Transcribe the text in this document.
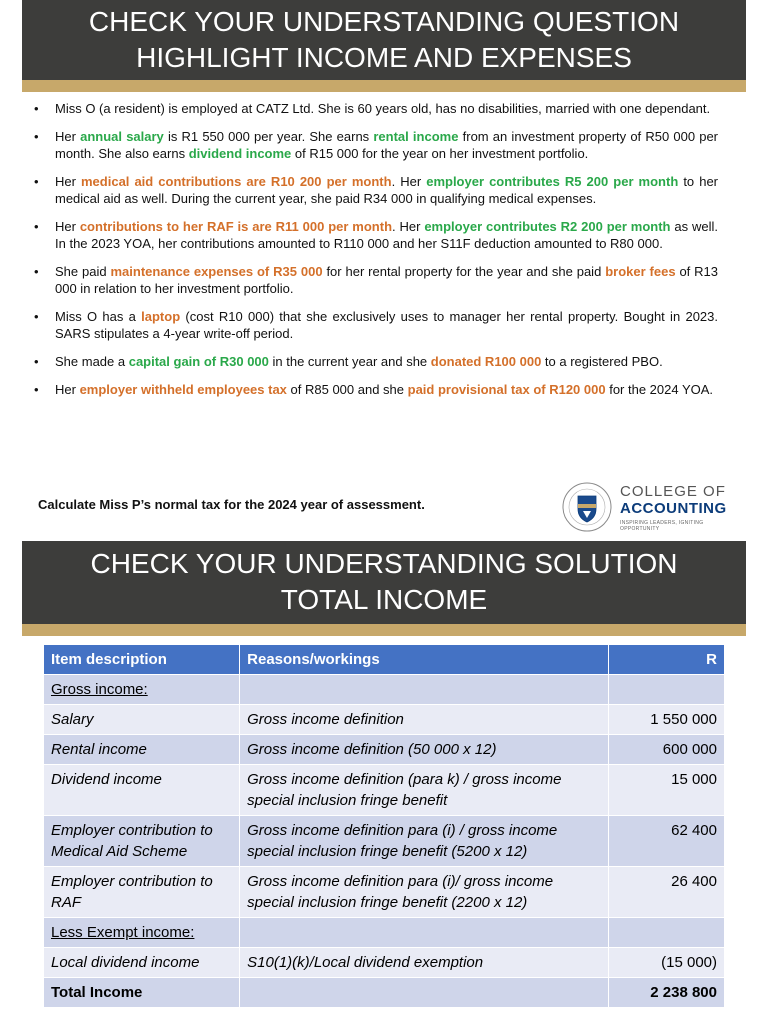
CHECK YOUR UNDERSTANDING QUESTION
HIGHLIGHT INCOME AND EXPENSES
• Miss O (a resident) is employed at CATZ Ltd. She is 60 years old, has no disabilities, married with one dependant.
• Her annual salary is R1 550 000 per year. She earns rental income from an investment property of R50 000 per month. She also earns dividend income of R15 000 for the year on her investment portfolio.
• Her medical aid contributions are R10 200 per month. Her employer contributes R5 200 per month to her medical aid as well. During the current year, she paid R34 000 in qualifying medical expenses.
• Her contributions to her RAF is are R11 000 per month. Her employer contributes R2 200 per month as well. In the 2023 YOA, her contributions amounted to R110 000 and her S11F deduction amounted to R80 000.
• She paid maintenance expenses of R35 000 for her rental property for the year and she paid broker fees of R13 000 in relation to her investment portfolio.
• Miss O has a laptop (cost R10 000) that she exclusively uses to manager her rental property. Bought in 2023. SARS stipulates a 4-year write-off period.
• She made a capital gain of R30 000 in the current year and she donated R100 000 to a registered PBO.
• Her employer withheld employees tax of R85 000 and she paid provisional tax of R120 000 for the 2024 YOA.
Calculate Miss P’s normal tax for the 2024 year of assessment.
COLLEGE OF
ACCOUNTING
INSPIRING LEADERS, IGNITING OPPORTUNITY
CHECK YOUR UNDERSTANDING SOLUTION
TOTAL INCOME
Item description	Reasons/workings	R
Gross income:		
Salary	Gross income definition	1 550 000
Rental income	Gross income definition (50 000 x 12)	600 000
Dividend income	Gross income definition (para k) / gross income special inclusion fringe benefit	15 000
Employer contribution to Medical Aid Scheme	Gross income definition para (i) / gross income special inclusion fringe benefit (5200 x 12)	62 400
Employer contribution to RAF	Gross income definition para (i)/ gross income special inclusion fringe benefit (2200 x 12)	26 400
Less Exempt income:		
Local dividend income	S10(1)(k)/Local dividend exemption	(15 000)
Total Income		2 238 800
